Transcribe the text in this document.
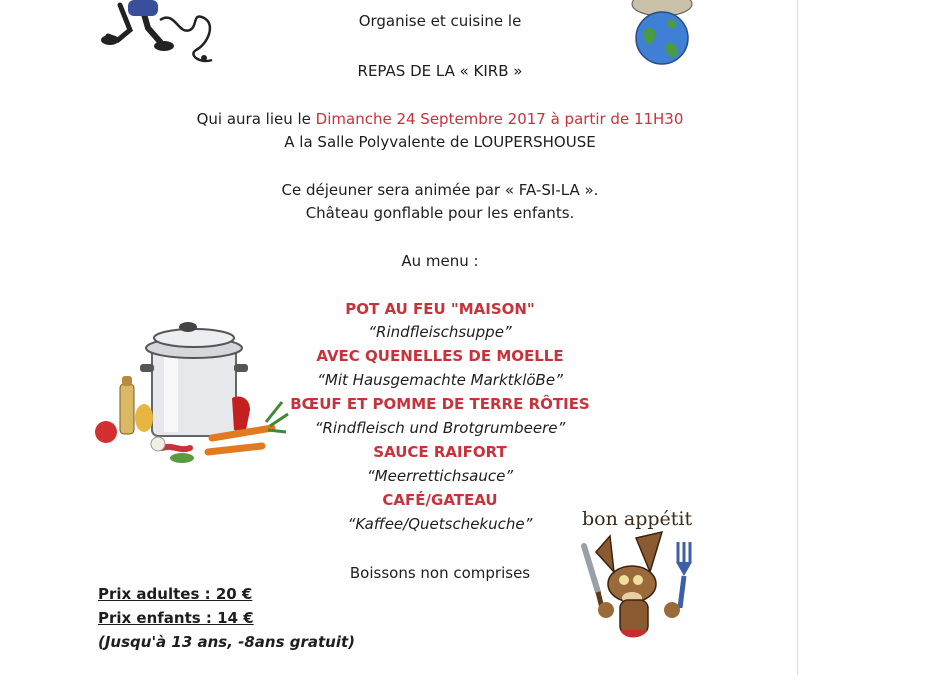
Organise et cuisine le
REPAS DE LA « KIRB »
Qui aura lieu le Dimanche 24 Septembre 2017 à partir de 11H30
A la Salle Polyvalente de LOUPERSHOUSE
Ce déjeuner sera animée par « FA-SI-LA ».
Château gonflable pour les enfants.
Au menu :
POT AU FEU "MAISON"
“Rindfleischsuppe”
AVEC QUENELLES DE MOELLE
“Mit Hausgemachte MarktklöBe”
BŒUF ET POMME DE TERRE RÔTIES
“Rindfleisch und Brotgrumbeere”
SAUCE RAIFORT
“Meerrettichsauce”
CAFÉ/GATEAU
“Kaffee/Quetschekuche”
Boissons non comprises
Prix adultes : 20 €
Prix enfants : 14 €
(Jusqu'à 13 ans, -8ans gratuit)
bon appétit
